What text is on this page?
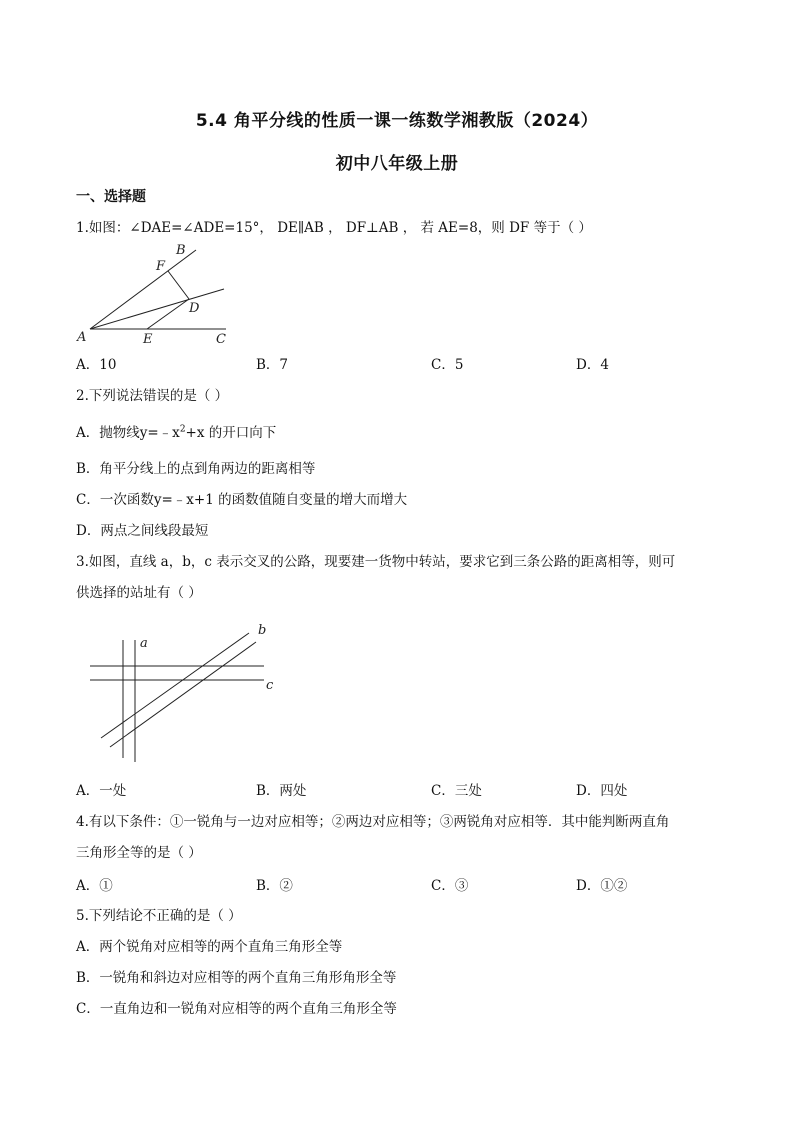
5.4 角平分线的性质一课一练数学湘教版（2024）
初中八年级上册
一、选择题
1.如图：∠DAE=∠ADE=15°， DE∥AB ， DF⊥AB ， 若 AE=8，则 DF 等于（ ）
B
F
D
A	E	C
A．10	B．7	C．5	D．4
2.下列说法错误的是（ ）
A．抛物线$y=﹣x^2+x$ 的开口向下
B．角平分线上的点到角两边的距离相等
C．一次函数y=﹣x+1 的函数值随自变量的增大而增大
D．两点之间线段最短
3.如图，直线 a，b，c 表示交叉的公路，现要建一货物中转站，要求它到三条公路的距离相等，则可
供选择的站址有（ ）
a
b
c
A．一处	B．两处	C．三处	D．四处
4.有以下条件：①一锐角与一边对应相等；②两边对应相等；③两锐角对应相等．其中能判断两直角
三角形全等的是（ ）
A．①	B．②	C．③	D．①②
5.下列结论不正确的是（ ）
A．两个锐角对应相等的两个直角三角形全等
B．一锐角和斜边对应相等的两个直角三角形角形全等
C．一直角边和一锐角对应相等的两个直角三角形全等
